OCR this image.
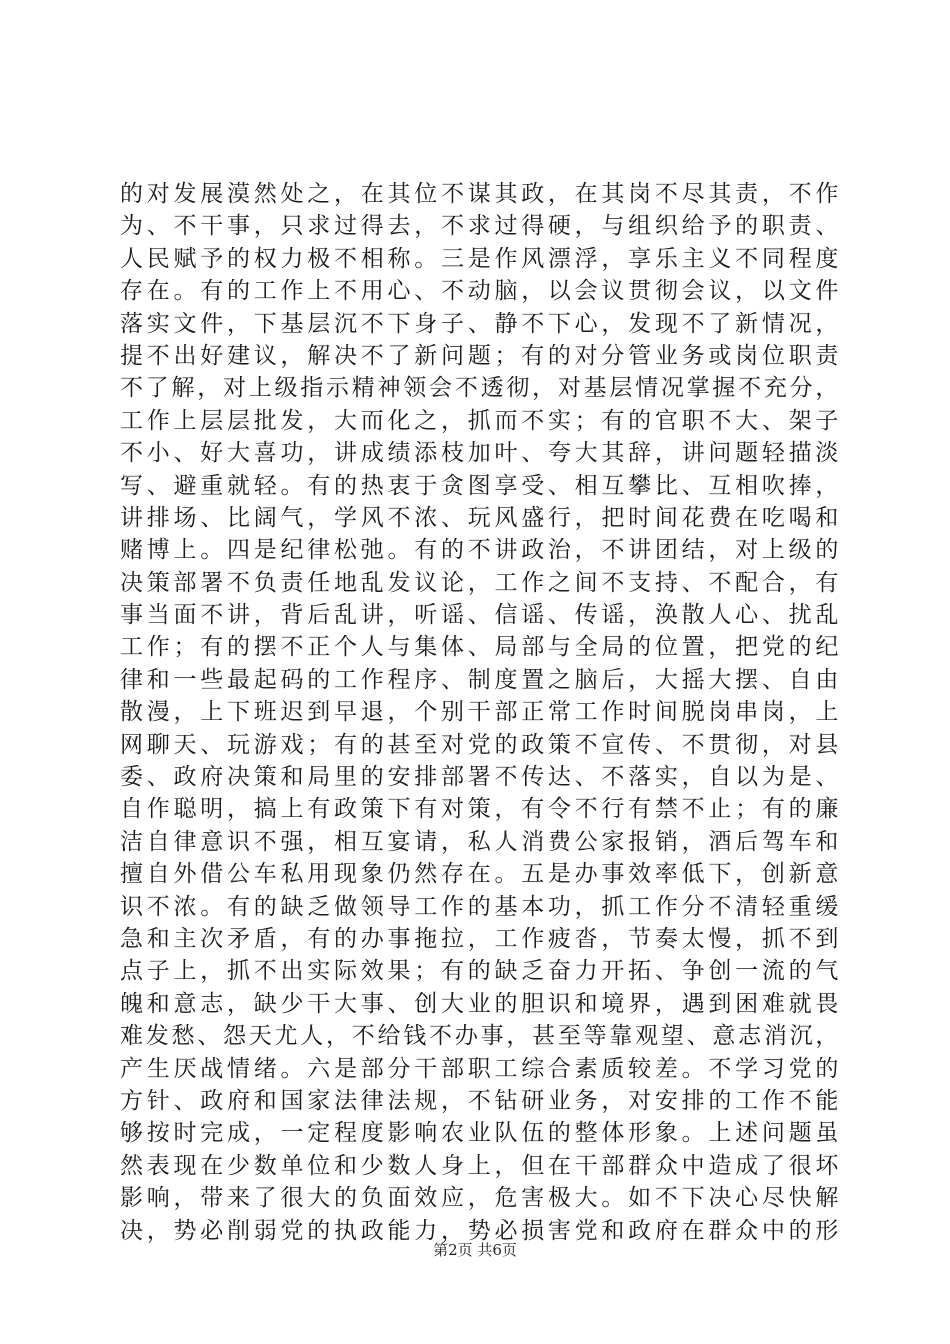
的对发展漠然处之，在其位不谋其政，在其岗不尽其责，不作
为、不干事，只求过得去，不求过得硬，与组织给予的职责、
人民赋予的权力极不相称。三是作风漂浮，享乐主义不同程度
存在。有的工作上不用心、不动脑，以会议贯彻会议，以文件
落实文件，下基层沉不下身子、静不下心，发现不了新情况，
提不出好建议，解决不了新问题；有的对分管业务或岗位职责
不了解，对上级指示精神领会不透彻，对基层情况掌握不充分，
工作上层层批发，大而化之，抓而不实；有的官职不大、架子
不小、好大喜功，讲成绩添枝加叶、夸大其辞，讲问题轻描淡
写、避重就轻。有的热衷于贪图享受、相互攀比、互相吹捧，
讲排场、比阔气，学风不浓、玩风盛行，把时间花费在吃喝和
赌博上。四是纪律松弛。有的不讲政治，不讲团结，对上级的
决策部署不负责任地乱发议论，工作之间不支持、不配合，有
事当面不讲，背后乱讲，听谣、信谣、传谣，涣散人心、扰乱
工作；有的摆不正个人与集体、局部与全局的位置，把党的纪
律和一些最起码的工作程序、制度置之脑后，大摇大摆、自由
散漫，上下班迟到早退，个别干部正常工作时间脱岗串岗，上
网聊天、玩游戏；有的甚至对党的政策不宣传、不贯彻，对县
委、政府决策和局里的安排部署不传达、不落实，自以为是、
自作聪明，搞上有政策下有对策，有令不行有禁不止；有的廉
洁自律意识不强，相互宴请，私人消费公家报销，酒后驾车和
擅自外借公车私用现象仍然存在。五是办事效率低下，创新意
识不浓。有的缺乏做领导工作的基本功，抓工作分不清轻重缓
急和主次矛盾，有的办事拖拉，工作疲沓，节奏太慢，抓不到
点子上，抓不出实际效果；有的缺乏奋力开拓、争创一流的气
魄和意志，缺少干大事、创大业的胆识和境界，遇到困难就畏
难发愁、怨天尤人，不给钱不办事，甚至等靠观望、意志消沉，
产生厌战情绪。六是部分干部职工综合素质较差。不学习党的
方针、政府和国家法律法规，不钻研业务，对安排的工作不能
够按时完成，一定程度影响农业队伍的整体形象。上述问题虽
然表现在少数单位和少数人身上，但在干部群众中造成了很坏
影响，带来了很大的负面效应，危害极大。如不下决心尽快解
决，势必削弱党的执政能力，势必损害党和政府在群众中的形
第2页 共6页
